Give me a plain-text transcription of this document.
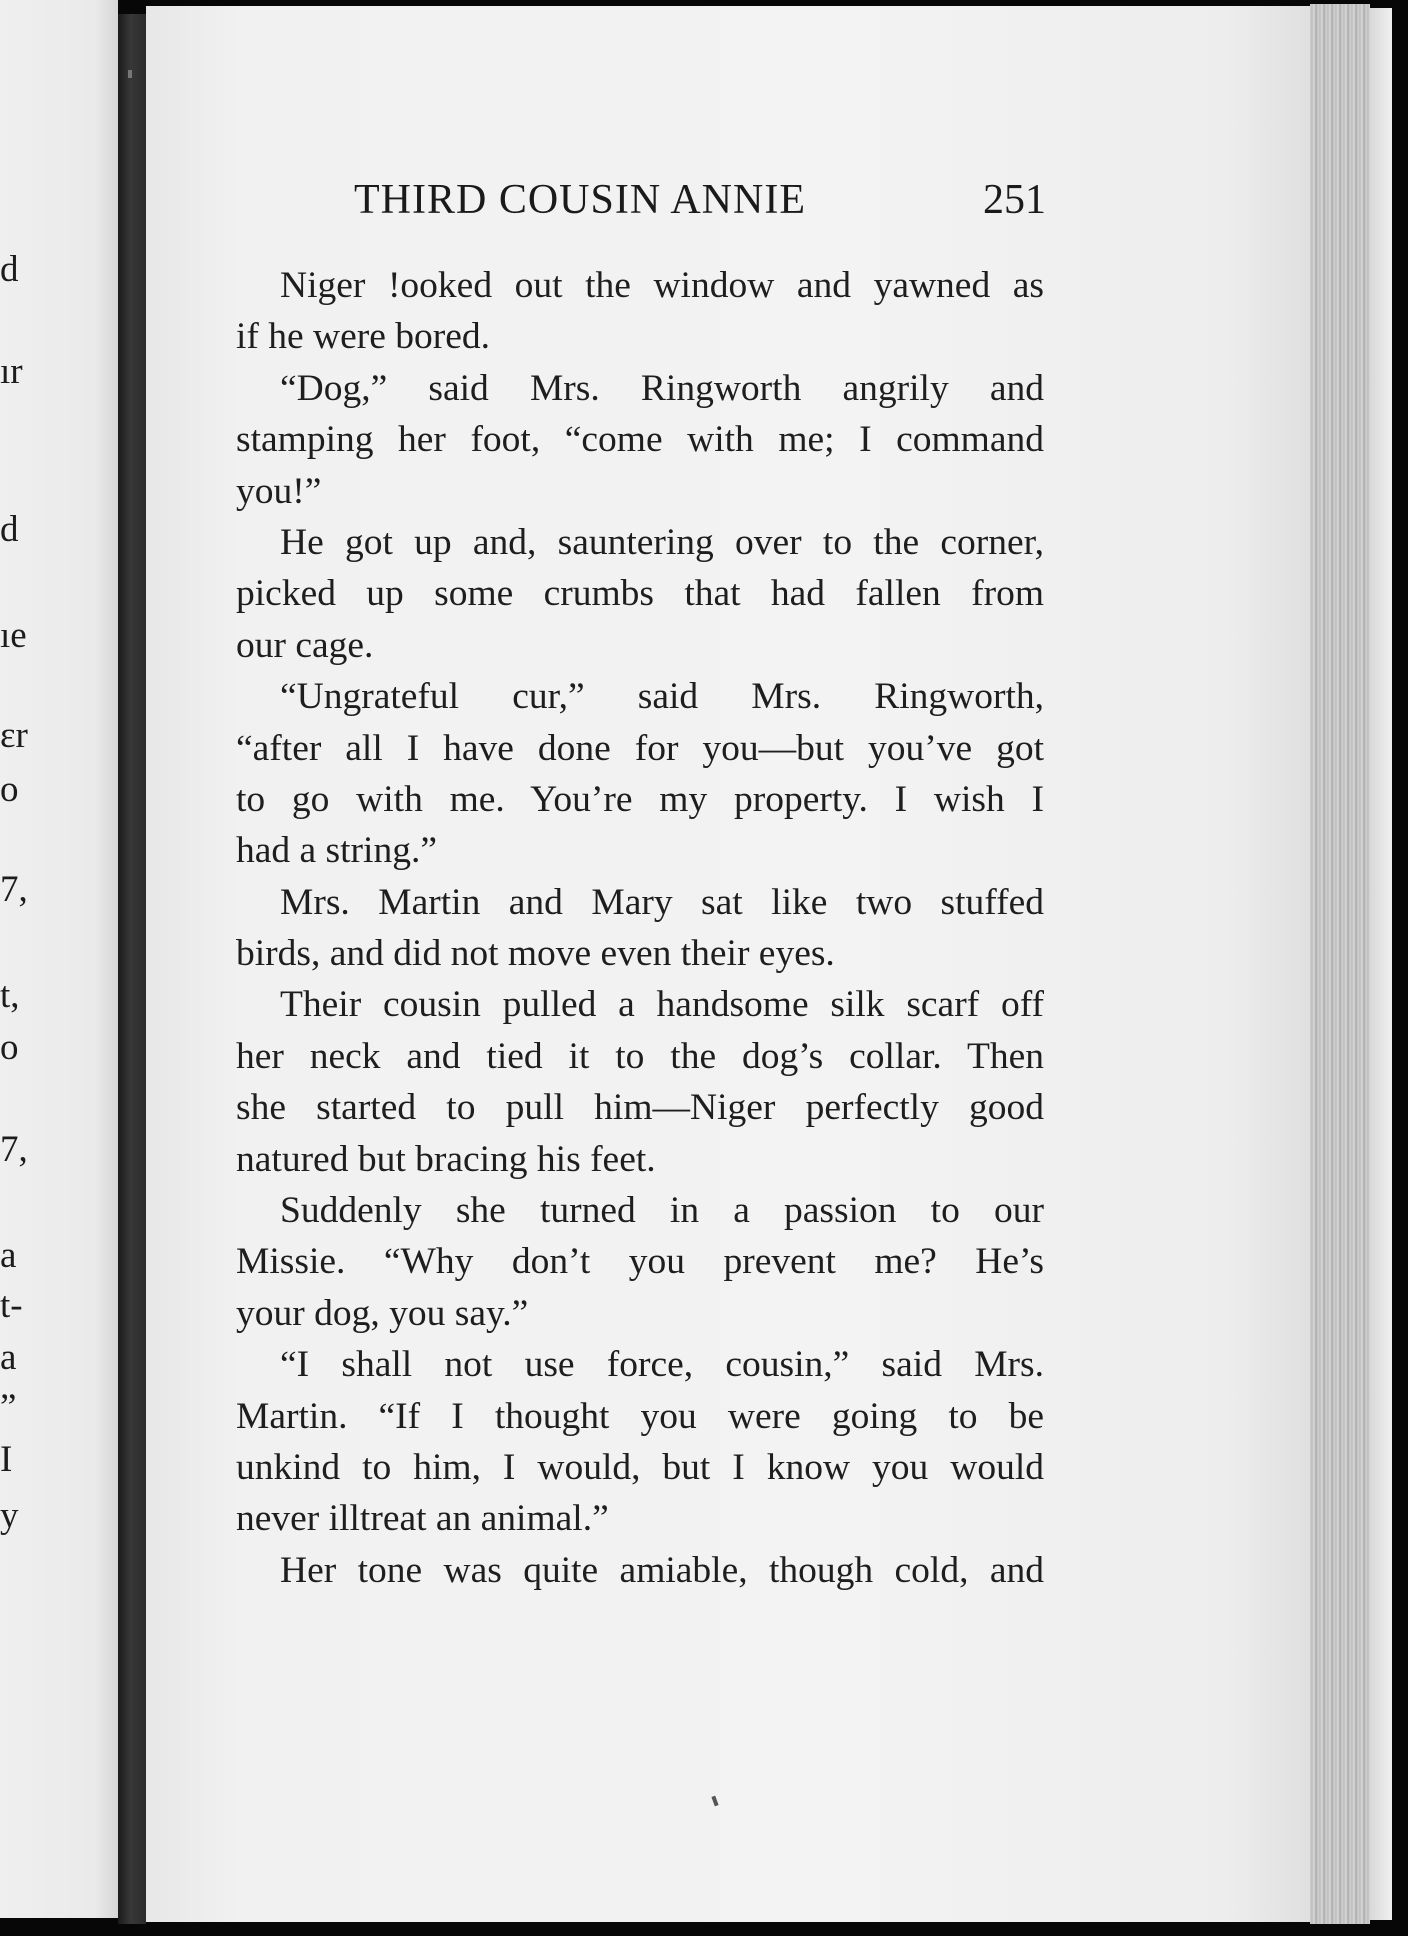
d
ır
d
ıe
ɛr
o
7,
t,
o
7,
a
t-
a
”
I
y
THIRD COUSIN ANNIE	251
Niger !ooked out the window and yawned as
if he were bored.
“Dog,” said Mrs. Ringworth angrily and
stamping her foot, “come with me; I command
you!”
He got up and, sauntering over to the corner,
picked up some crumbs that had fallen from
our cage.
“Ungrateful cur,” said Mrs. Ringworth,
“after all I have done for you—but you’ve got
to go with me. You’re my property. I wish I
had a string.”
Mrs. Martin and Mary sat like two stuffed
birds, and did not move even their eyes.
Their cousin pulled a handsome silk scarf off
her neck and tied it to the dog’s collar. Then
she started to pull him—Niger perfectly good
natured but bracing his feet.
Suddenly she turned in a passion to our
Missie. “Why don’t you prevent me? He’s
your dog, you say.”
“I shall not use force, cousin,” said Mrs.
Martin. “If I thought you were going to be
unkind to him, I would, but I know you would
never illtreat an animal.”
Her tone was quite amiable, though cold, and
